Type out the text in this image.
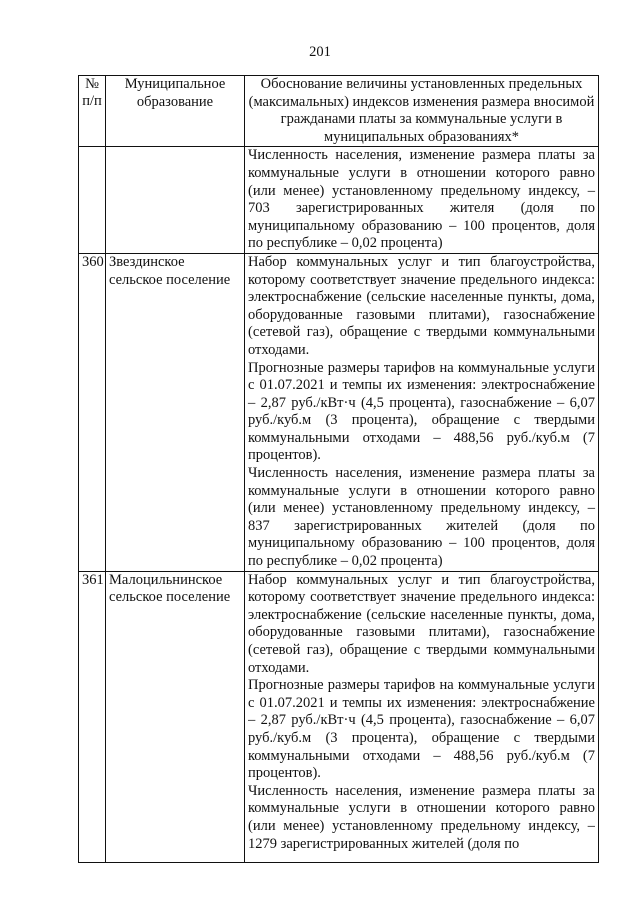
201
№ п/п	Муниципальное образование	Обоснование величины установленных предельных (максимальных) индексов изменения размера вносимой гражданами платы за коммунальные услуги в муниципальных образованиях*

		Численность населения, изменение размера платы за коммунальные услуги в отношении которого равно (или менее) установленному предельному индексу, – 703 зарегистрированных жителя (доля по муниципальному образованию – 100 процентов, доля по республике – 0,02 процента)

360	Звездинское сельское поселение	Набор коммунальных услуг и тип благоустройства, которому соответствует значение предельного индекса: электроснабжение (сельские населенные пункты, дома, оборудованные газовыми плитами), газоснабжение (сетевой газ), обращение с твердыми коммунальными отходами.

Прогнозные размеры тарифов на коммунальные услуги с 01.07.2021 и темпы их изменения: электроснабжение – 2,87 руб./кВт·ч (4,5 процента), газоснабжение – 6,07 руб./куб.м (3 процента), обращение с твердыми коммунальными отходами – 488,56 руб./куб.м (7 процентов).

Численность населения, изменение размера платы за коммунальные услуги в отношении которого равно (или менее) установленному предельному индексу, – 837 зарегистрированных жителей (доля по муниципальному образованию – 100 процентов, доля по республике – 0,02 процента)

361	Малоцильнинское сельское поселение	Набор коммунальных услуг и тип благоустройства, которому соответствует значение предельного индекса: электроснабжение (сельские населенные пункты, дома, оборудованные газовыми плитами), газоснабжение (сетевой газ), обращение с твердыми коммунальными отходами.

Прогнозные размеры тарифов на коммунальные услуги с 01.07.2021 и темпы их изменения: электроснабжение – 2,87 руб./кВт·ч (4,5 процента), газоснабжение – 6,07 руб./куб.м (3 процента), обращение с твердыми коммунальными отходами – 488,56 руб./куб.м (7 процентов).

Численность населения, изменение размера платы за коммунальные услуги в отношении которого равно (или менее) установленному предельному индексу, – 1279 зарегистрированных жителей (доля по
